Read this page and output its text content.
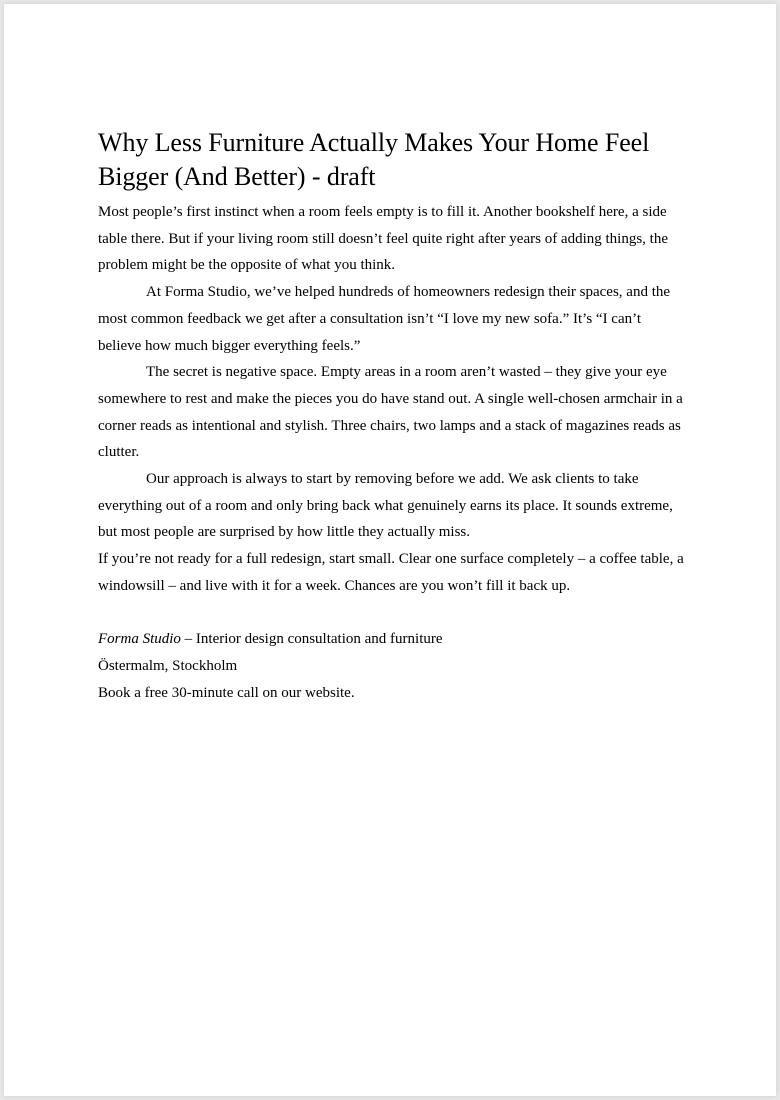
Why Less Furniture Actually Makes Your Home Feel Bigger (And Better) - draft

Most people’s first instinct when a room feels empty is to fill it. Another bookshelf here, a side table there. But if your living room still doesn’t feel quite right after years of adding things, the problem might be the opposite of what you think.

At Forma Studio, we’ve helped hundreds of homeowners redesign their spaces, and the most common feedback we get after a consultation isn’t “I love my new sofa.” It’s “I can’t believe how much bigger everything feels.”

The secret is negative space. Empty areas in a room aren’t wasted – they give your eye somewhere to rest and make the pieces you do have stand out. A single well-chosen armchair in a corner reads as intentional and stylish. Three chairs, two lamps and a stack of magazines reads as clutter.

Our approach is always to start by removing before we add. We ask clients to take everything out of a room and only bring back what genuinely earns its place. It sounds extreme, but most people are surprised by how little they actually miss.

If you’re not ready for a full redesign, start small. Clear one surface completely – a coffee table, a windowsill – and live with it for a week. Chances are you won’t fill it back up.

Forma Studio – Interior design consultation and furniture

Östermalm, Stockholm

Book a free 30-minute call on our website.
